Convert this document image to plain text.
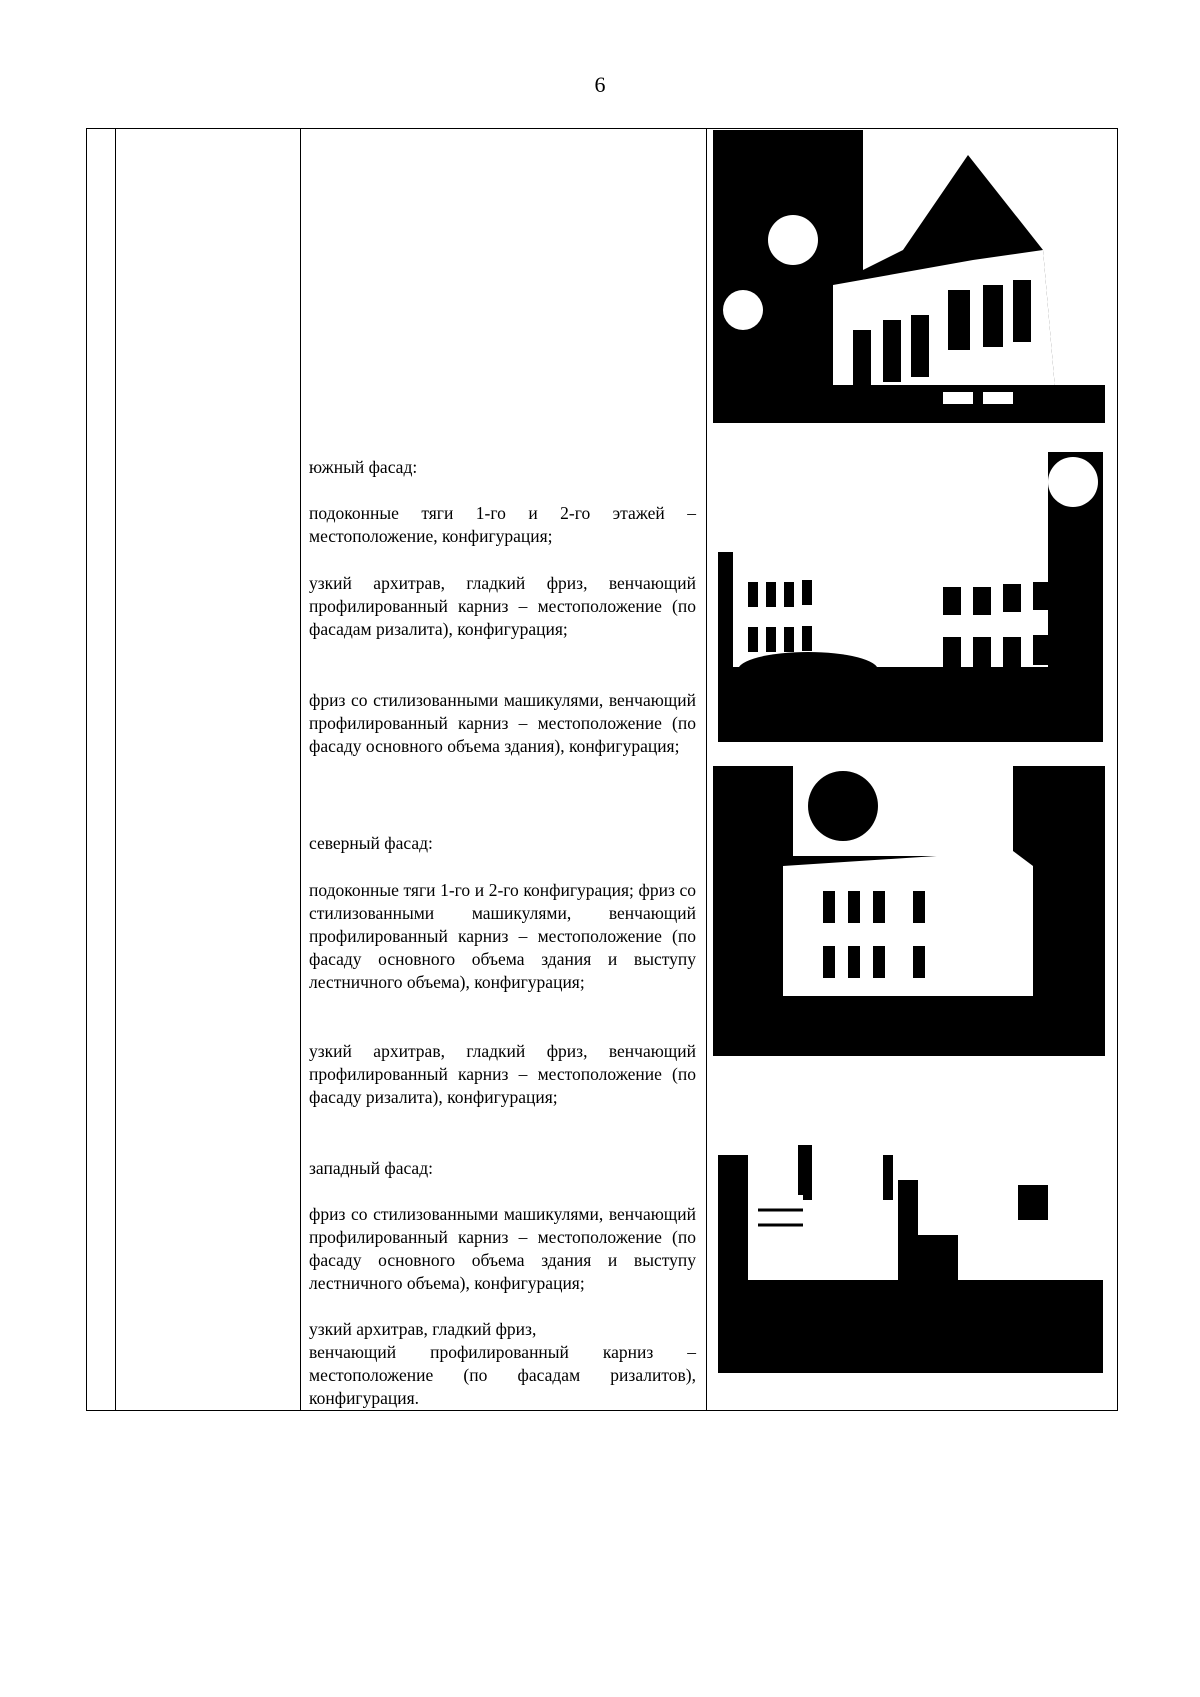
6
южный фасад:
подоконные тяги 1-го и 2-го этажей – местоположение, конфигурация;
узкий архитрав, гладкий фриз, венчающий профилированный карниз – местоположение (по фасадам ризалита), конфигурация;
фриз со стилизованными машикулями, венчающий профилированный карниз – местоположение (по фасаду основного объема здания), конфигурация;
северный фасад:
подоконные тяги 1-го и 2-го конфигурация; фриз со стилизованными машикулями, венчающий профилированный карниз – местоположение (по фасаду основного объема здания и выступу лестничного объема), конфигурация;
узкий архитрав, гладкий фриз, венчающий профилированный карниз – местоположение (по фасаду ризалита), конфигурация;
западный фасад:
фриз со стилизованными машикулями, венчающий профилированный карниз – местоположение (по фасаду основного объема здания и выступу лестничного объема), конфигурация;
узкий архитрав, гладкий фриз,
венчающий профилированный карниз – местоположение (по фасадам ризалитов), конфигурация.
